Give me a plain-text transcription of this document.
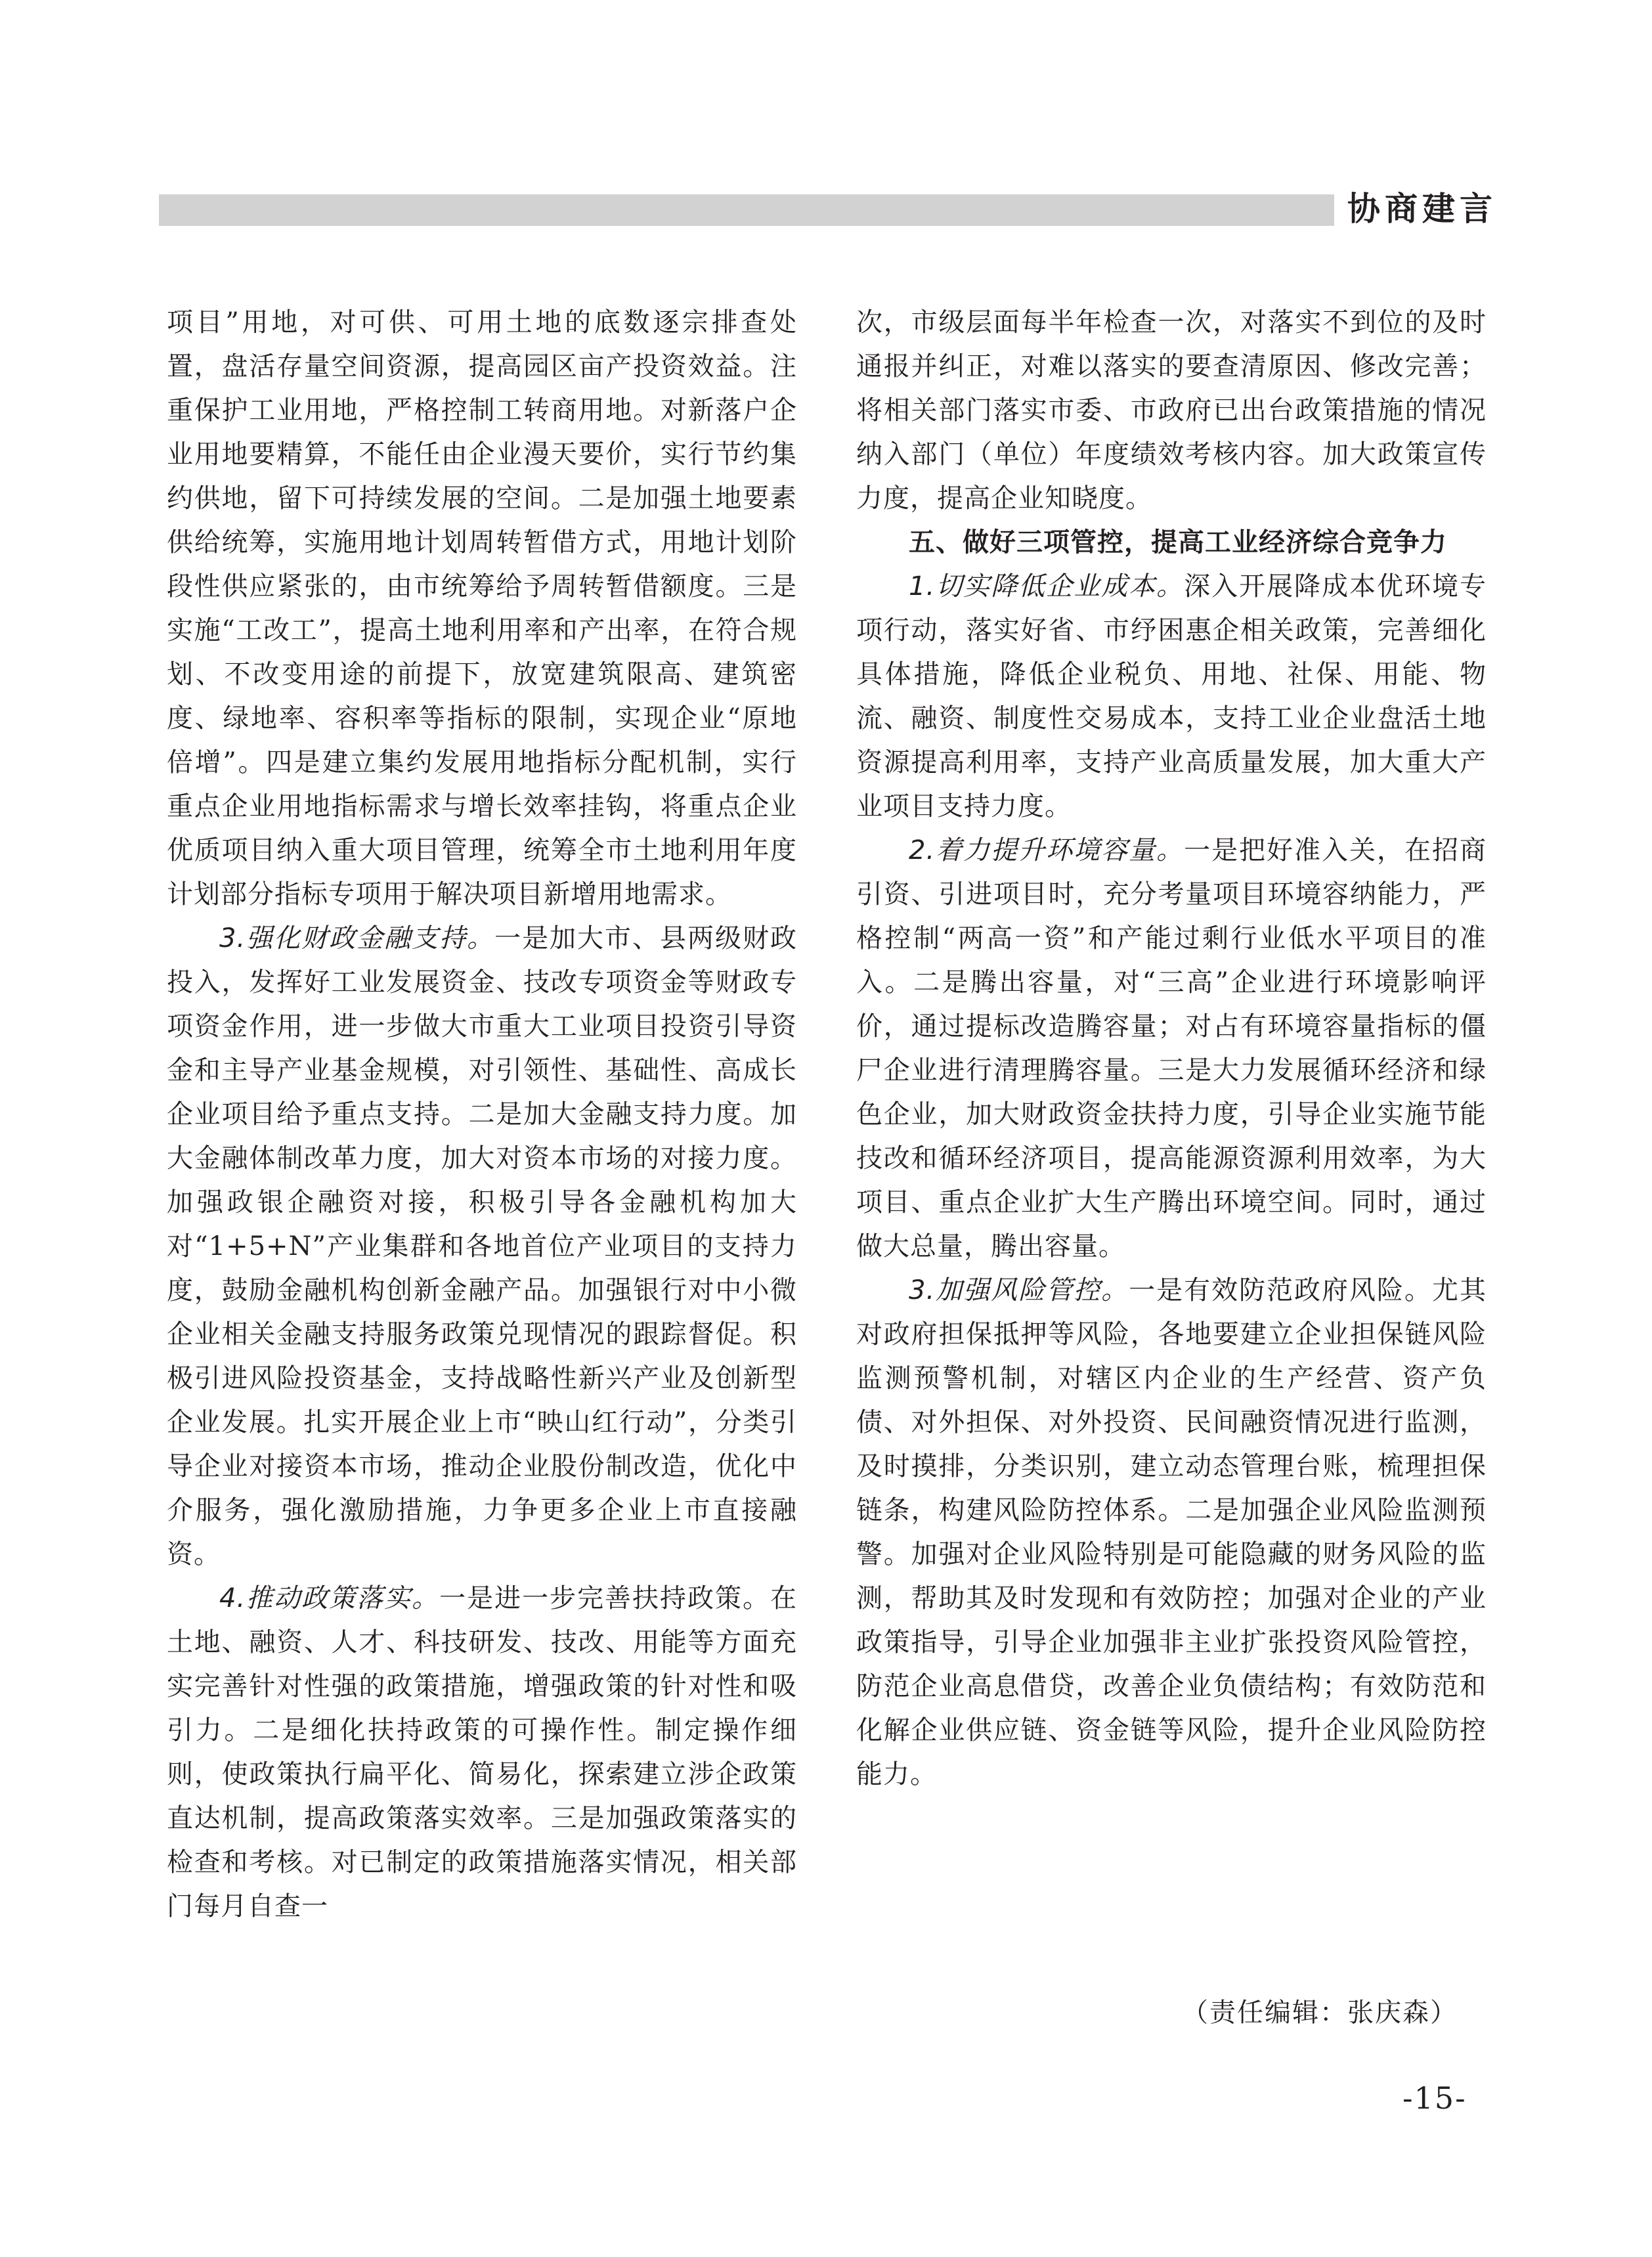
协商建言

项目”用地，对可供、可用土地的底数逐宗排查处置，盘活存量空间资源，提高园区亩产投资效益。注重保护工业用地，严格控制工转商用地。对新落户企业用地要精算，不能任由企业漫天要价，实行节约集约供地，留下可持续发展的空间。二是加强土地要素供给统筹，实施用地计划周转暂借方式，用地计划阶段性供应紧张的，由市统筹给予周转暂借额度。三是实施“工改工”，提高土地利用率和产出率，在符合规划、不改变用途的前提下，放宽建筑限高、建筑密度、绿地率、容积率等指标的限制，实现企业“原地倍增”。四是建立集约发展用地指标分配机制，实行重点企业用地指标需求与增长效率挂钩，将重点企业优质项目纳入重大项目管理，统筹全市土地利用年度计划部分指标专项用于解决项目新增用地需求。

3.强化财政金融支持。一是加大市、县两级财政投入，发挥好工业发展资金、技改专项资金等财政专项资金作用，进一步做大市重大工业项目投资引导资金和主导产业基金规模，对引领性、基础性、高成长企业项目给予重点支持。二是加大金融支持力度。加大金融体制改革力度，加大对资本市场的对接力度。加强政银企融资对接，积极引导各金融机构加大对“1+5+N”产业集群和各地首位产业项目的支持力度，鼓励金融机构创新金融产品。加强银行对中小微企业相关金融支持服务政策兑现情况的跟踪督促。积极引进风险投资基金，支持战略性新兴产业及创新型企业发展。扎实开展企业上市“映山红行动”，分类引导企业对接资本市场，推动企业股份制改造，优化中介服务，强化激励措施，力争更多企业上市直接融资。

4.推动政策落实。一是进一步完善扶持政策。在土地、融资、人才、科技研发、技改、用能等方面充实完善针对性强的政策措施，增强政策的针对性和吸引力。二是细化扶持政策的可操作性。制定操作细则，使政策执行扁平化、简易化，探索建立涉企政策直达机制，提高政策落实效率。三是加强政策落实的检查和考核。对已制定的政策措施落实情况，相关部门每月自查一

次，市级层面每半年检查一次，对落实不到位的及时通报并纠正，对难以落实的要查清原因、修改完善；将相关部门落实市委、市政府已出台政策措施的情况纳入部门（单位）年度绩效考核内容。加大政策宣传力度，提高企业知晓度。

五、做好三项管控，提高工业经济综合竞争力

1.切实降低企业成本。深入开展降成本优环境专项行动，落实好省、市纾困惠企相关政策，完善细化具体措施，降低企业税负、用地、社保、用能、物流、融资、制度性交易成本，支持工业企业盘活土地资源提高利用率，支持产业高质量发展，加大重大产业项目支持力度。

2.着力提升环境容量。一是把好准入关，在招商引资、引进项目时，充分考量项目环境容纳能力，严格控制“两高一资”和产能过剩行业低水平项目的准入。二是腾出容量，对“三高”企业进行环境影响评价，通过提标改造腾容量；对占有环境容量指标的僵尸企业进行清理腾容量。三是大力发展循环经济和绿色企业，加大财政资金扶持力度，引导企业实施节能技改和循环经济项目，提高能源资源利用效率，为大项目、重点企业扩大生产腾出环境空间。同时，通过做大总量，腾出容量。

3.加强风险管控。一是有效防范政府风险。尤其对政府担保抵押等风险，各地要建立企业担保链风险监测预警机制，对辖区内企业的生产经营、资产负债、对外担保、对外投资、民间融资情况进行监测，及时摸排，分类识别，建立动态管理台账，梳理担保链条，构建风险防控体系。二是加强企业风险监测预警。加强对企业风险特别是可能隐藏的财务风险的监测，帮助其及时发现和有效防控；加强对企业的产业政策指导，引导企业加强非主业扩张投资风险管控，防范企业高息借贷，改善企业负债结构；有效防范和化解企业供应链、资金链等风险，提升企业风险防控能力。

（责任编辑：张庆森）
-15-
